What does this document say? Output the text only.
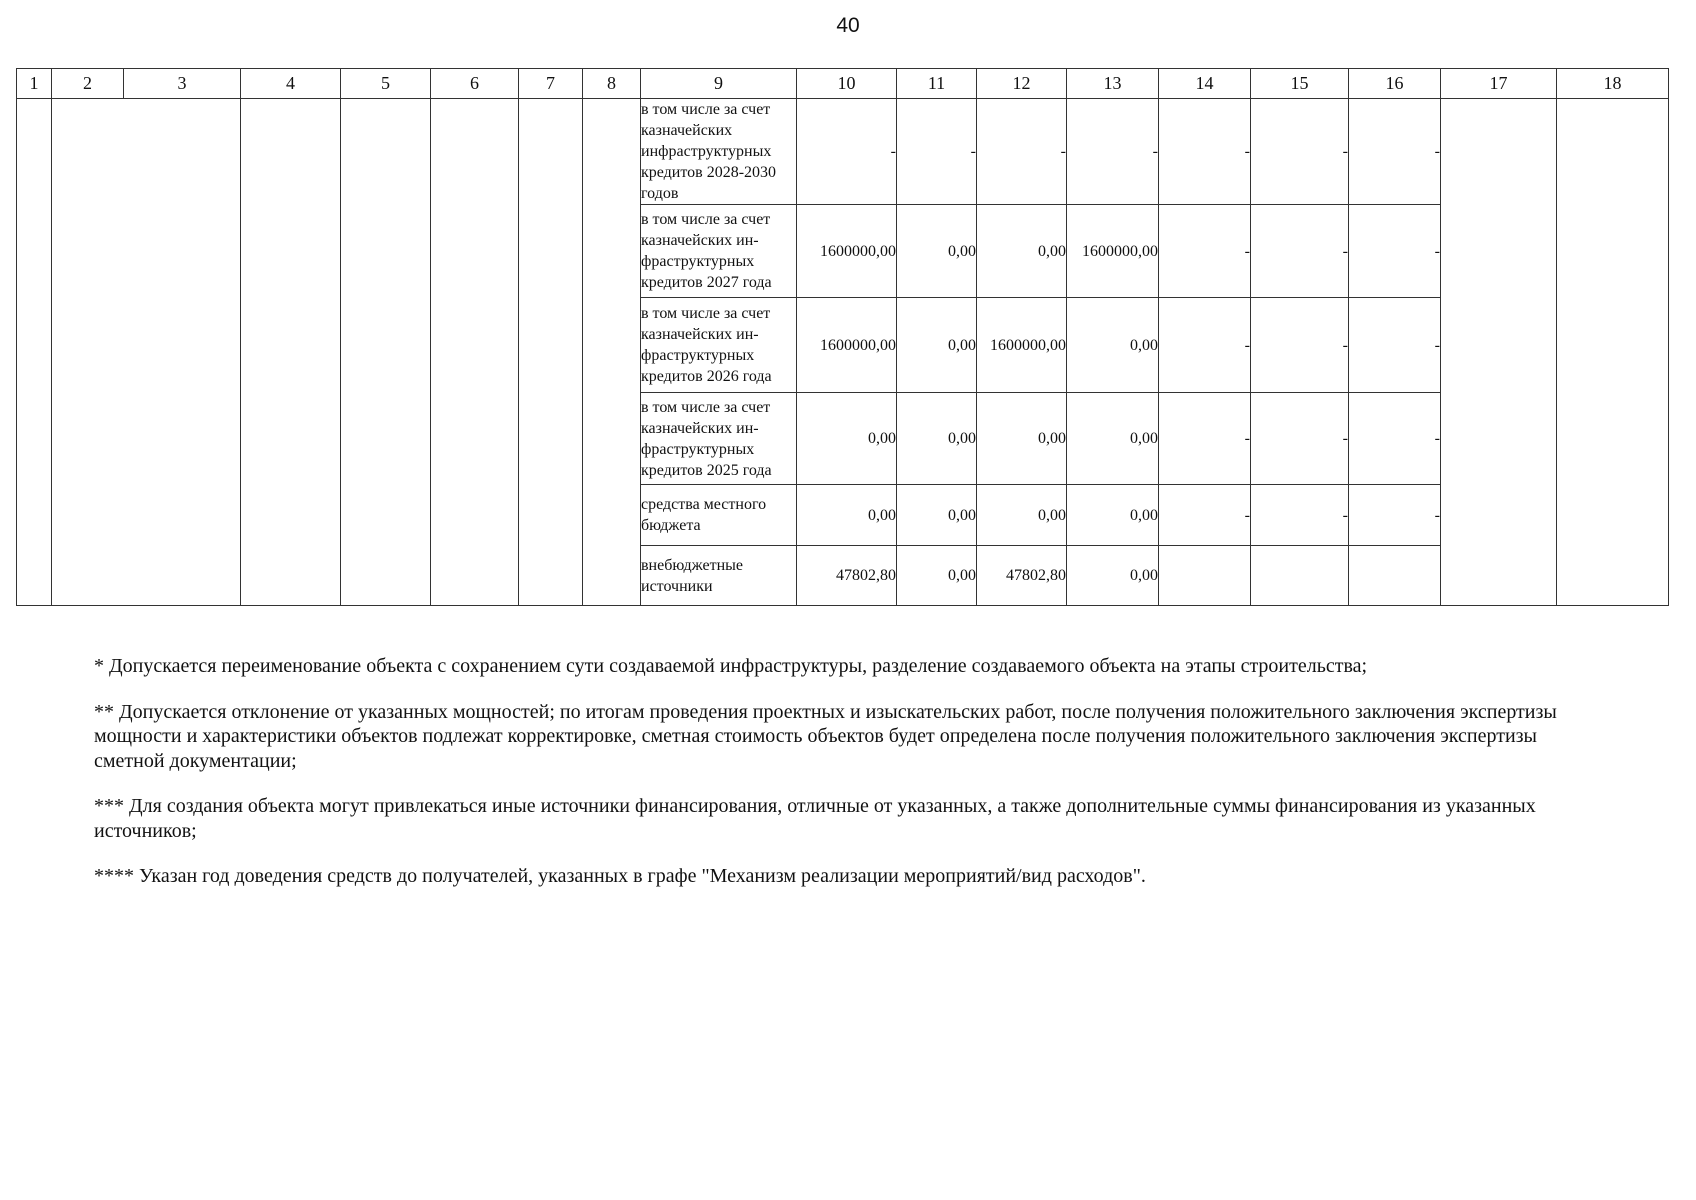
40
1	2	3	4	5	6	7	8	9	10	11	12	13	14	15	16	17	18
								в том числе за счет казначейских инфраструктурных кредитов 2028-2030 годов	-	-	-	-	-	-	-		
								в том числе за счет казначейских ин-фраструктурных кредитов 2027 года	1600000,00	0,00	0,00	1600000,00	-	-	-		
								в том числе за счет казначейских ин-фраструктурных кредитов 2026 года	1600000,00	0,00	1600000,00	0,00	-	-	-		
								в том числе за счет казначейских ин-фраструктурных кредитов 2025 года	0,00	0,00	0,00	0,00	-	-	-		
								средства местного бюджета	0,00	0,00	0,00	0,00	-	-	-		
								внебюджетные источники	47802,80	0,00	47802,80	0,00					

* Допускается переименование объекта с сохранением сути создаваемой инфраструктуры, разделение создаваемого объекта на этапы строительства;

** Допускается отклонение от указанных мощностей; по итогам проведения проектных и изыскательских работ, после получения положительного заключения экспертизы мощности и характеристики объектов подлежат корректировке, сметная стоимость объектов будет определена после получения положительного заключения экспертизы сметной документации;

*** Для создания объекта могут привлекаться иные источники финансирования, отличные от указанных, а также дополнительные суммы финансирования из указанных источников;

**** Указан год доведения средств до получателей, указанных в графе "Механизм реализации мероприятий/вид расходов".
